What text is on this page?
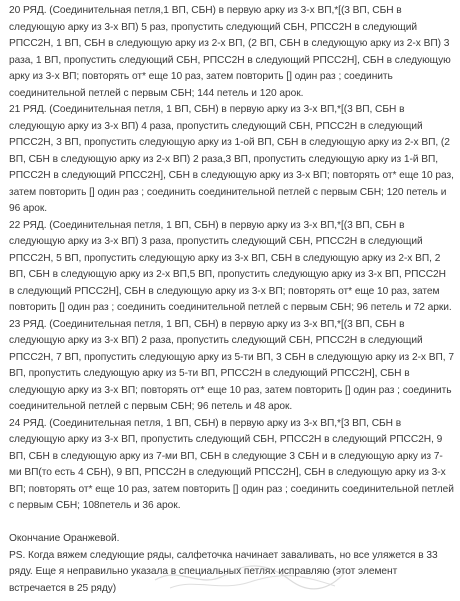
20 РЯД. (Соединительная петля,1 ВП, СБН) в первую арку из 3-х ВП,*[(3 ВП, СБН в следующую арку из 3-х ВП) 5 раз, пропустить следующий СБН, РПСС2Н в следующий РПСС2Н, 1 ВП, СБН в следующую арку из 2-х ВП, (2 ВП, СБН в следующую арку из 2-х ВП) 3 раза, 1 ВП, пропустить следующий СБН, РПСС2Н в следующий РПСС2Н], СБН в следующую арку из 3-х ВП; повторять от* еще 10 раз, затем повторить [] один раз ; соединить соединительной петлей с первым СБН; 144 петель и 120 арок.

21 РЯД. (Соединительная петля, 1 ВП, СБН) в первую арку из 3-х ВП,*[(3 ВП, СБН в следующую арку из 3-х ВП) 4 раза, пропустить следующий СБН, РПСС2Н в следующий РПСС2Н, 3 ВП, пропустить следующую арку из 1-ой ВП, СБН в следующую арку из 2-х ВП, (2 ВП, СБН в следующую арку из 2-х ВП) 2 раза,3 ВП, пропустить следующую арку из 1-й ВП, РПСС2Н в следующий РПСС2Н], СБН в следующую арку из 3-х ВП; повторять от* еще 10 раз, затем повторить [] один раз ; соединить соединительной петлей с первым СБН; 120 петель и 96 арок.

22 РЯД. (Соединительная петля, 1 ВП, СБН) в первую арку из 3-х ВП,*[(3 ВП, СБН в следующую арку из 3-х ВП) 3 раза, пропустить следующий СБН, РПСС2Н в следующий РПСС2Н, 5 ВП, пропустить следующую арку из 3-х ВП, СБН в следующую арку из 2-х ВП, 2 ВП, СБН в следующую арку из 2-х ВП,5 ВП, пропустить следующую арку из 3-х ВП, РПСС2Н в следующий РПСС2Н], СБН в следующую арку из 3-х ВП; повторять от* еще 10 раз, затем повторить [] один раз ; соединить соединительной петлей с первым СБН; 96 петель и 72 арки.

23 РЯД. (Соединительная петля, 1 ВП, СБН) в первую арку из 3-х ВП,*[(3 ВП, СБН в следующую арку из 3-х ВП) 2 раза, пропустить следующий СБН, РПСС2Н в следующий РПСС2Н, 7 ВП, пропустить следующую арку из 5-ти ВП, 3 СБН в следующую арку из 2-х ВП, 7 ВП, пропустить следующую арку из 5-ти ВП, РПСС2Н в следующий РПСС2Н], СБН в следующую арку из 3-х ВП; повторять от* еще 10 раз, затем повторить [] один раз ; соединить соединительной петлей с первым СБН; 96 петель и 48 арок.

24 РЯД. (Соединительная петля, 1 ВП, СБН) в первую арку из 3-х ВП,*[3 ВП, СБН в следующую арку из 3-х ВП, пропустить следующий СБН, РПСС2Н в следующий РПСС2Н, 9 ВП, СБН в следующую арку из 7-ми ВП, СБН в следующие 3 СБН и в следующую арку из 7-ми ВП(то есть 4 СБН), 9 ВП, РПСС2Н в следующий РПСС2Н], СБН в следующую арку из 3-х ВП; повторять от* еще 10 раз, затем повторить [] один раз ; соединить соединительной петлей с первым СБН; 108петель и 36 арок.

Окончание Оранжевой.

PS. Когда вяжем следующие ряды, салфеточка начинает заваливать, но все уляжется в 33 ряду. Еще я неправильно указала в специальных петлях исправляю (этот элемент встречается в 25 ряду)
